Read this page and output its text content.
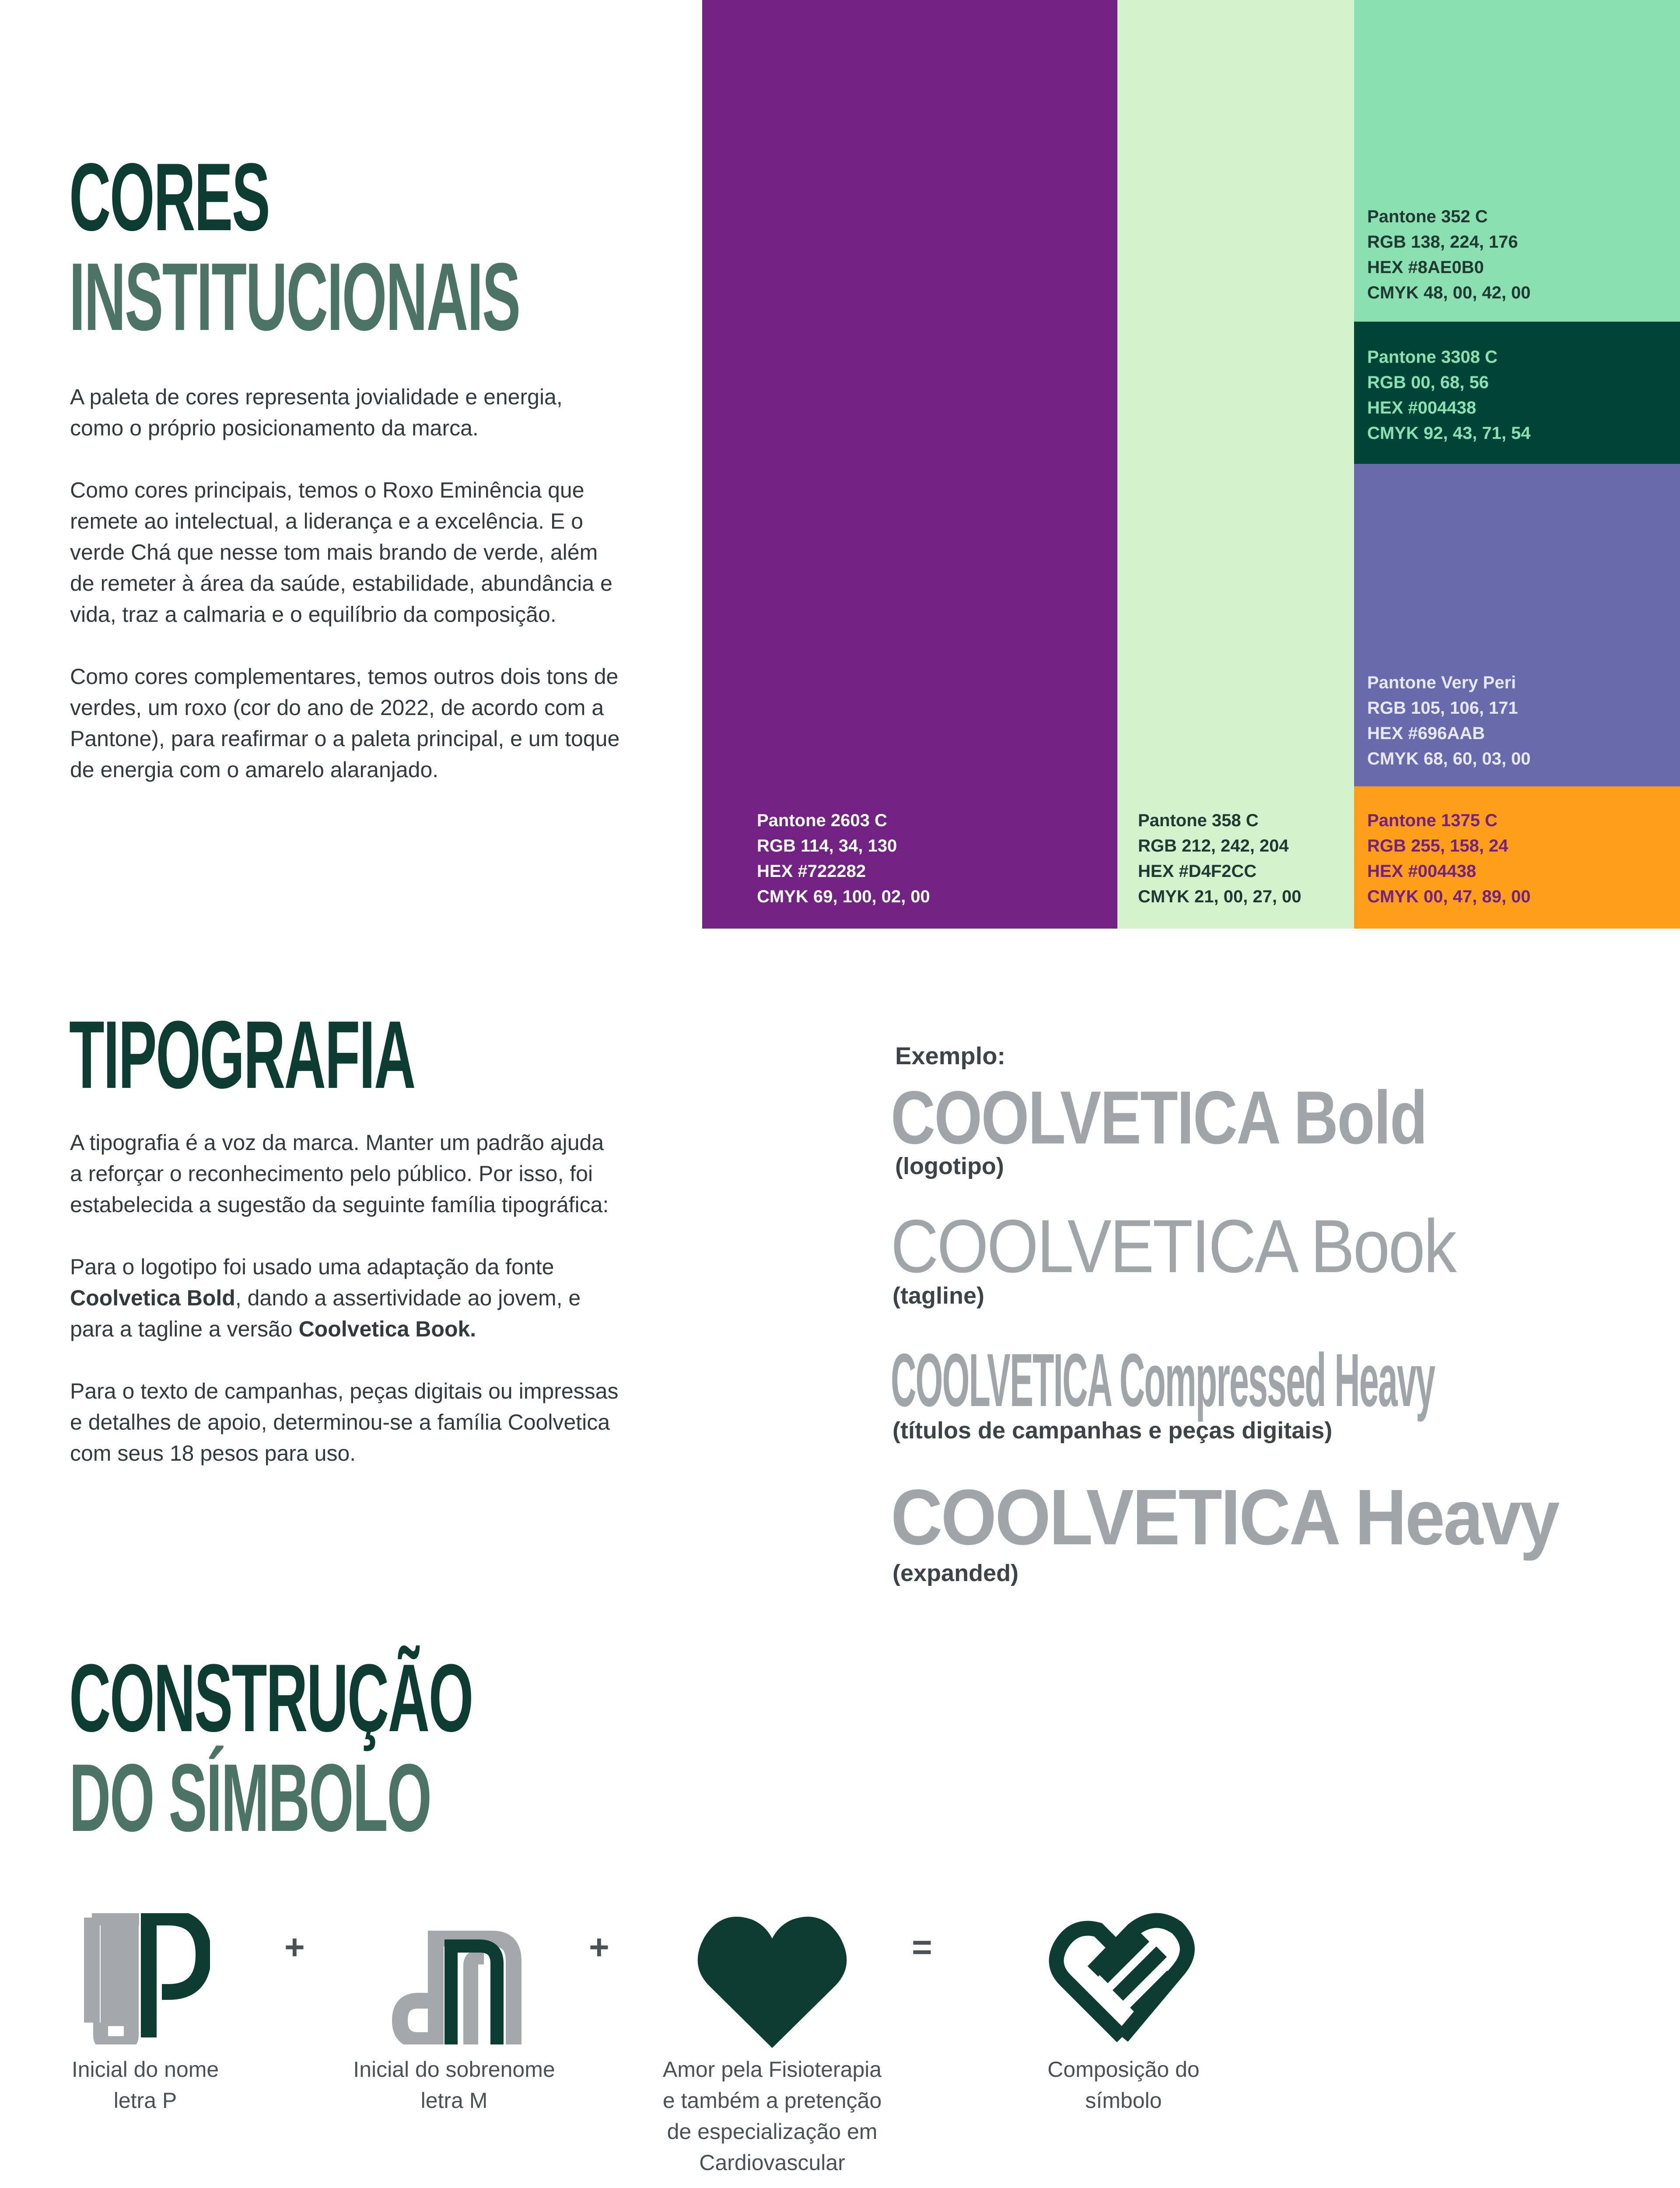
CORES
INSTITUCIONAIS

A paleta de cores representa jovialidade e energia, como o próprio posicionamento da marca.

Como cores principais, temos o Roxo Eminência que remete ao intelectual, a liderança e a excelência. E o verde Chá que nesse tom mais brando de verde, além de remeter à área da saúde, estabilidade, abundância e vida, traz a calmaria e o equilíbrio da composição.

Como cores complementares, temos outros dois tons de verdes, um roxo (cor do ano de 2022, de acordo com a Pantone), para reafirmar o a paleta principal, e um toque de energia com o amarelo alaranjado.

Pantone 2603 C
RGB 114, 34, 130
HEX #722282
CMYK 69, 100, 02, 00
Pantone 358 C
RGB 212, 242, 204
HEX #D4F2CC
CMYK 21, 00, 27, 00
Pantone 352 C
RGB 138, 224, 176
HEX #8AE0B0
CMYK 48, 00, 42, 00
Pantone 3308 C
RGB 00, 68, 56
HEX #004438
CMYK 92, 43, 71, 54
Pantone Very Peri
RGB 105, 106, 171
HEX #696AAB
CMYK 68, 60, 03, 00
Pantone 1375 C
RGB 255, 158, 24
HEX #004438
CMYK 00, 47, 89, 00
TIPOGRAFIA

A tipografia é a voz da marca. Manter um padrão ajuda a reforçar o reconhecimento pelo público. Por isso, foi estabelecida a sugestão da seguinte família tipográfica:

Para o logotipo foi usado uma adaptação da fonte Coolvetica Bold, dando a assertividade ao jovem, e para a tagline a versão Coolvetica Book.

Para o texto de campanhas, peças digitais ou impressas e detalhes de apoio, determinou-se a família Coolvetica com seus 18 pesos para uso.

Exemplo:
COOLVETICA Bold
(logotipo)
COOLVETICA Book
(tagline)
COOLVETICA Compressed Heavy
(títulos de campanhas e peças digitais)
COOLVETICA Heavy
(expanded)
CONSTRUÇÃO
DO SÍMBOLO
+	+	=
Inicial do nome
letra P
Inicial do sobrenome
letra M
Amor pela Fisioterapia
e também a pretenção
de especialização em
Cardiovascular
Composição do
símbolo
